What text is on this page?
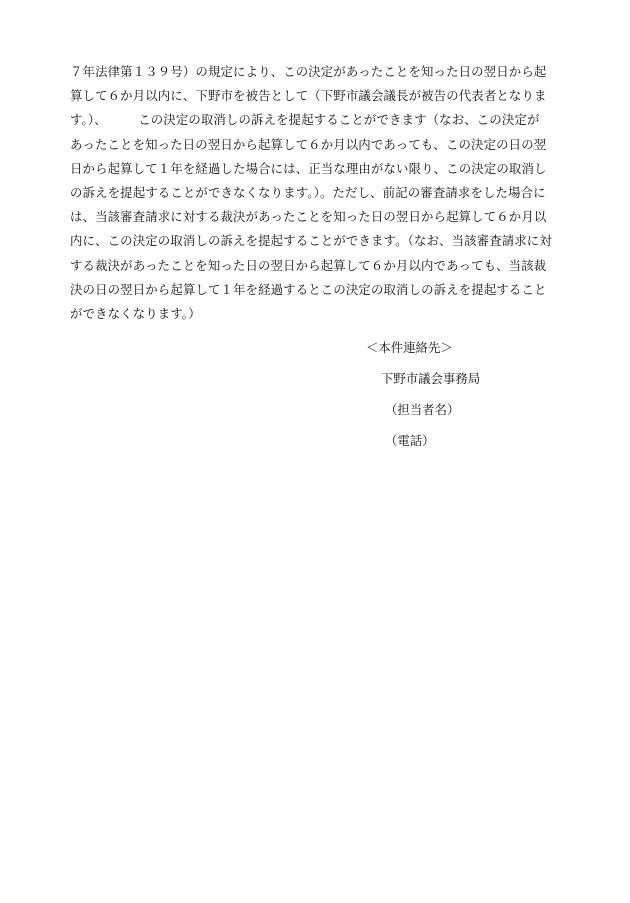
７年法律第１３９号）の規定により、この決定があったことを知った日の翌日から起
算して６か月以内に、下野市を被告として（下野市議会議長が被告の代表者となりま
す。）、　　　この決定の取消しの訴えを提起することができます（なお、この決定が
あったことを知った日の翌日から起算して６か月以内であっても、この決定の日の翌
日から起算して１年を経過した場合には、正当な理由がない限り、この決定の取消し
の訴えを提起することができなくなります。）。ただし、前記の審査請求をした場合に
は、当該審査請求に対する裁決があったことを知った日の翌日から起算して６か月以
内に、この決定の取消しの訴えを提起することができます。（なお、当該審査請求に対
する裁決があったことを知った日の翌日から起算して６か月以内であっても、当該裁
決の日の翌日から起算して１年を経過するとこの決定の取消しの訴えを提起すること
ができなくなります。）
＜本件連絡先＞
下野市議会事務局
（担当者名）
（電話）
